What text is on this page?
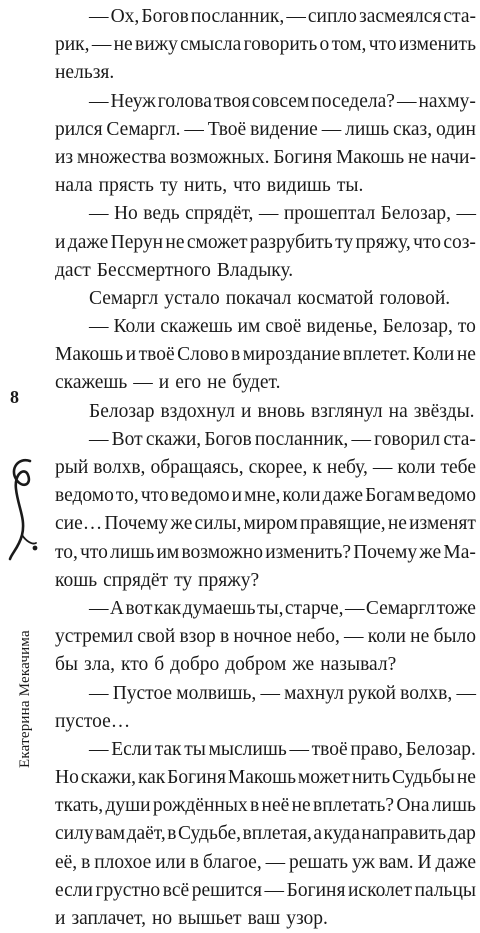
8
Екатерина Мекачима
— Ох, Богов посланник, — сипло засмеялся ста-
рик, — не вижу смысла говорить о том, что изменить
нельзя.
— Неуж голова твоя совсем поседела? — нахму-
рился Семаргл. — Твоё видение — лишь сказ, один
из множества возможных. Богиня Макошь не начи-
нала прясть ту нить, что видишь ты.
— Но ведь спрядёт, — прошептал Белозар, —
и даже Перун не сможет разрубить ту пряжу, что соз-
даст Бессмертного Владыку.
Семаргл устало покачал косматой головой.
— Коли скажешь им своё виденье, Белозар, то
Макошь и твоё Слово в мироздание вплетет. Коли не
скажешь — и его не будет.
Белозар вздохнул и вновь взглянул на звёзды.
— Вот скажи, Богов посланник, — говорил ста-
рый волхв, обращаясь, скорее, к небу, — коли тебе
ведомо то, что ведомо и мне, коли даже Богам ведомо
сие… Почему же силы, миром правящие, не изменят
то, что лишь им возможно изменить? Почему же Ма-
кошь спрядёт ту пряжу?
— А вот как думаешь ты, старче, — Семаргл тоже
устремил свой взор в ночное небо, — коли не было
бы зла, кто б добро добром же называл?
— Пустое молвишь, — махнул рукой волхв, —
пустое…
— Если так ты мыслишь — твоё право, Белозар.
Но скажи, как Богиня Макошь может нить Судьбы не
ткать, души рождённых в неё не вплетать? Она лишь
силу вам даёт, в Судьбе, вплетая, а куда направить дар
её, в плохое или в благое, — решать уж вам. И даже
если грустно всё решится — Богиня исколет пальцы
и заплачет, но вышьет ваш узор.
